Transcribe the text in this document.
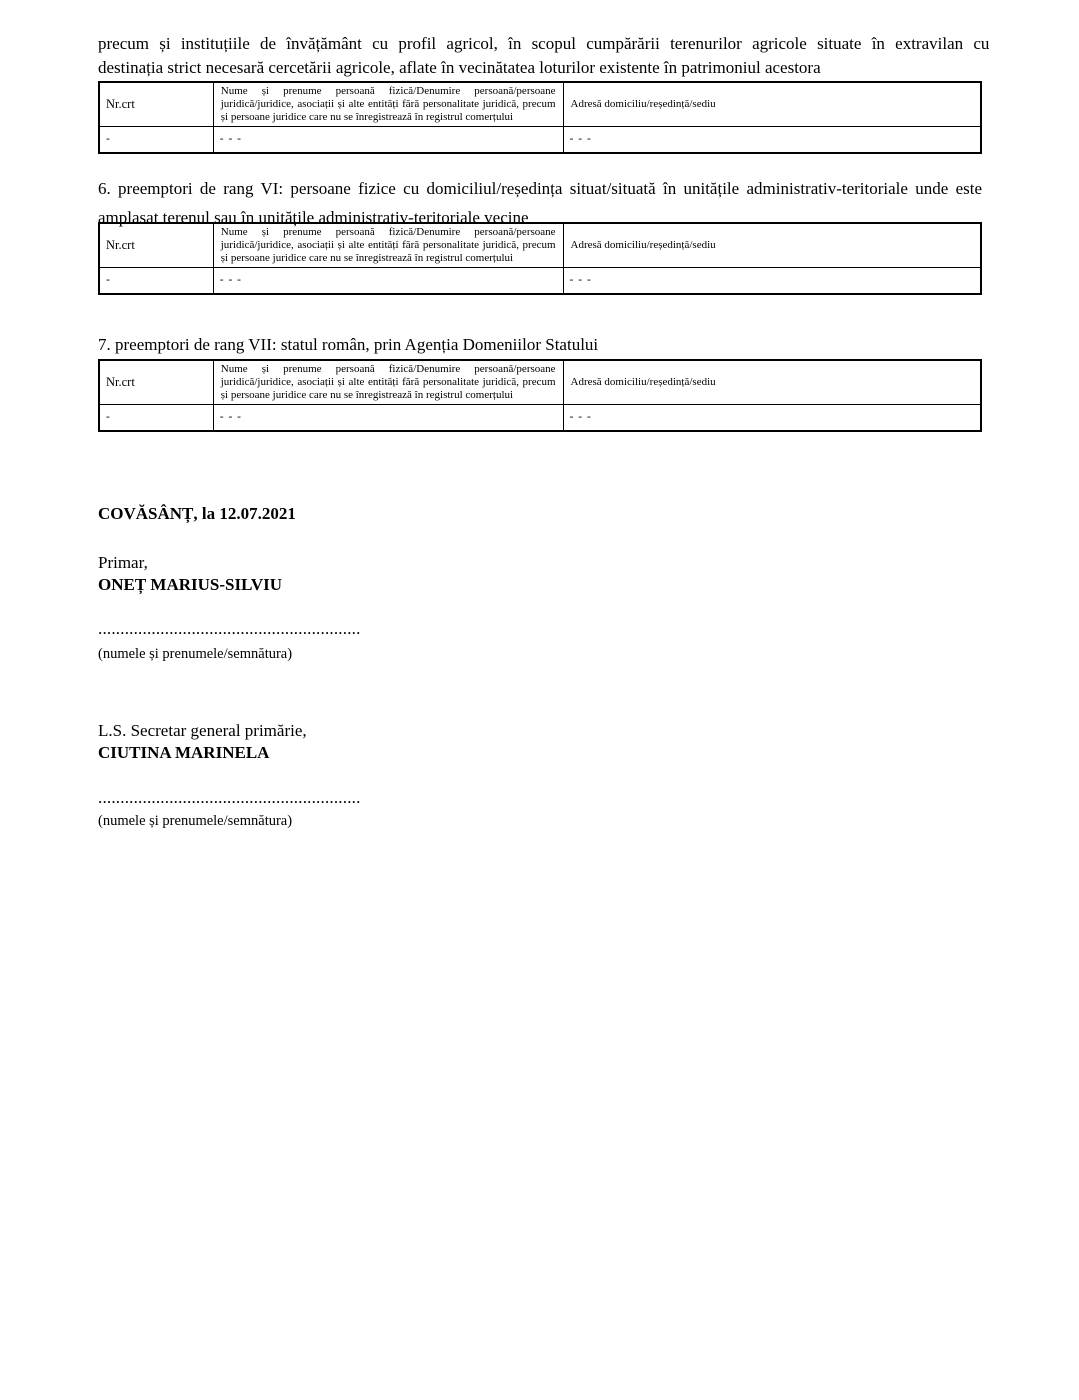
precum și instituțiile de învățământ cu profil agricol, în scopul cumpărării terenurilor agricole situate în extravilan cu
destinația strict necesară cercetării agricole, aflate în vecinătatea loturilor existente în patrimoniul acestora
Nr.crt	Nume și prenume persoană fizică/Denumire persoană/persoane juridică/juridice, asociații și alte entități fără personalitate juridică, precum și persoane juridice care nu se înregistrează în registrul comerțului	Adresă domiciliu/reședință/sediu
-	- - -	- - -
6. preemptori de rang VI: persoane fizice cu domiciliul/reședința situat/situată în unitățile administrativ-teritoriale unde este amplasat terenul sau în unitățile administrativ-teritoriale vecine
Nr.crt	Nume și prenume persoană fizică/Denumire persoană/persoane juridică/juridice, asociații și alte entități fără personalitate juridică, precum și persoane juridice care nu se înregistrează în registrul comerțului	Adresă domiciliu/reședință/sediu
-	- - -	- - -
7. preemptori de rang VII: statul român, prin Agenția Domeniilor Statului
Nr.crt	Nume și prenume persoană fizică/Denumire persoană/persoane juridică/juridice, asociații și alte entități fără personalitate juridică, precum și persoane juridice care nu se înregistrează în registrul comerțului	Adresă domiciliu/reședință/sediu
-	- - -	- - -
COVĂSÂNȚ, la 12.07.2021
Primar,
ONEȚ MARIUS-SILVIU
...........................................................
(numele și prenumele/semnătura)
L.S. Secretar general primărie,
CIUTINA MARINELA
...........................................................
(numele și prenumele/semnătura)
